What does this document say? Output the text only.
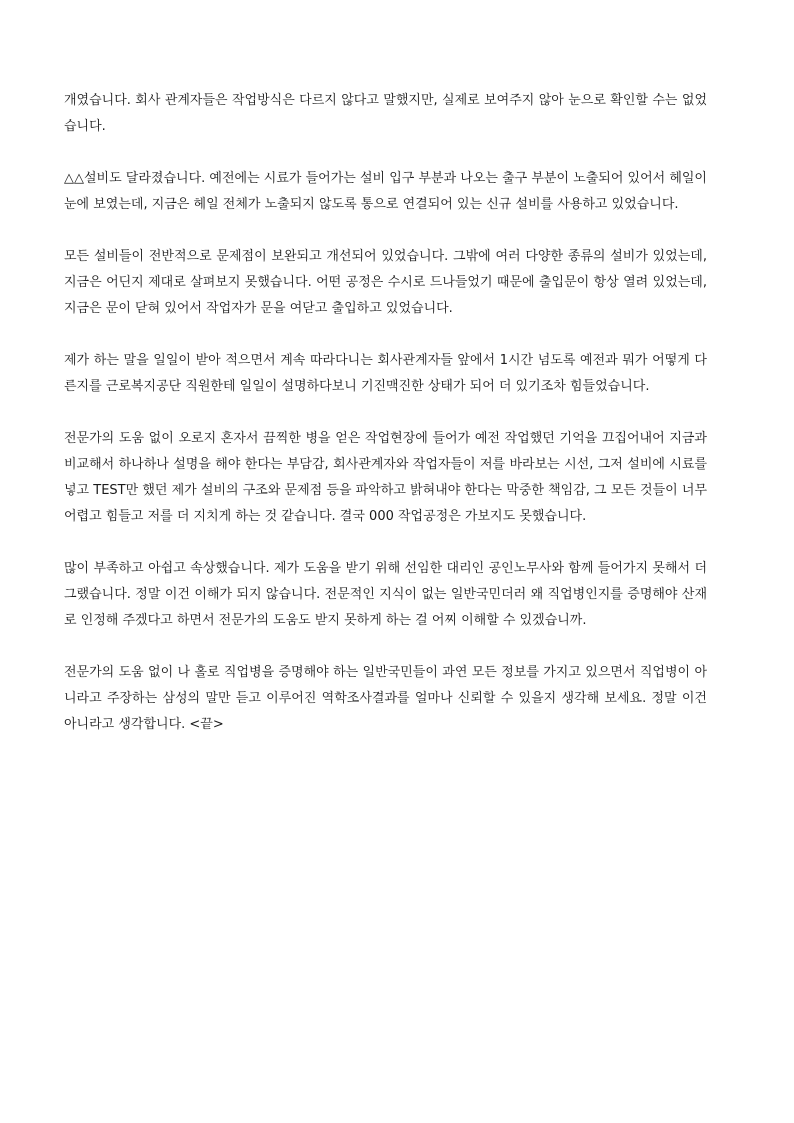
개였습니다. 회사 관계자들은 작업방식은 다르지 않다고 말했지만, 실제로 보여주지 않아 눈으로 확인할 수는 없었습니다.

△△설비도 달라졌습니다. 예전에는 시료가 들어가는 설비 입구 부분과 나오는 출구 부분이 노출되어 있어서 헤일이 눈에 보였는데, 지금은 헤일 전체가 노출되지 않도록 통으로 연결되어 있는 신규 설비를 사용하고 있었습니다.

모든 설비들이 전반적으로 문제점이 보완되고 개선되어 있었습니다. 그밖에 여러 다양한 종류의 설비가 있었는데, 지금은 어딘지 제대로 살펴보지 못했습니다. 어떤 공정은 수시로 드나들었기 때문에 출입문이 항상 열려 있었는데, 지금은 문이 닫혀 있어서 작업자가 문을 여닫고 출입하고 있었습니다.

제가 하는 말을 일일이 받아 적으면서 계속 따라다니는 회사관계자들 앞에서 1시간 넘도록 예전과 뭐가 어떻게 다른지를 근로복지공단 직원한테 일일이 설명하다보니 기진맥진한 상태가 되어 더 있기조차 힘들었습니다.

전문가의 도움 없이 오로지 혼자서 끔찍한 병을 얻은 작업현장에 들어가 예전 작업했던 기억을 끄집어내어 지금과 비교해서 하나하나 설명을 해야 한다는 부담감, 회사관계자와 작업자들이 저를 바라보는 시선, 그저 설비에 시료를 넣고 TEST만 했던 제가 설비의 구조와 문제점 등을 파악하고 밝혀내야 한다는 막중한 책임감, 그 모든 것들이 너무 어렵고 힘들고 저를 더 지치게 하는 것 같습니다. 결국 000 작업공정은 가보지도 못했습니다.

많이 부족하고 아쉽고 속상했습니다. 제가 도움을 받기 위해 선임한 대리인 공인노무사와 함께 들어가지 못해서 더 그랬습니다. 정말 이건 이해가 되지 않습니다. 전문적인 지식이 없는 일반국민더러 왜 직업병인지를 증명해야 산재로 인정해 주겠다고 하면서 전문가의 도움도 받지 못하게 하는 걸 어찌 이해할 수 있겠습니까.

전문가의 도움 없이 나 홀로 직업병을 증명해야 하는 일반국민들이 과연 모든 정보를 가지고 있으면서 직업병이 아니라고 주장하는 삼성의 말만 듣고 이루어진 역학조사결과를 얼마나 신뢰할 수 있을지 생각해 보세요. 정말 이건 아니라고 생각합니다. <끝>
